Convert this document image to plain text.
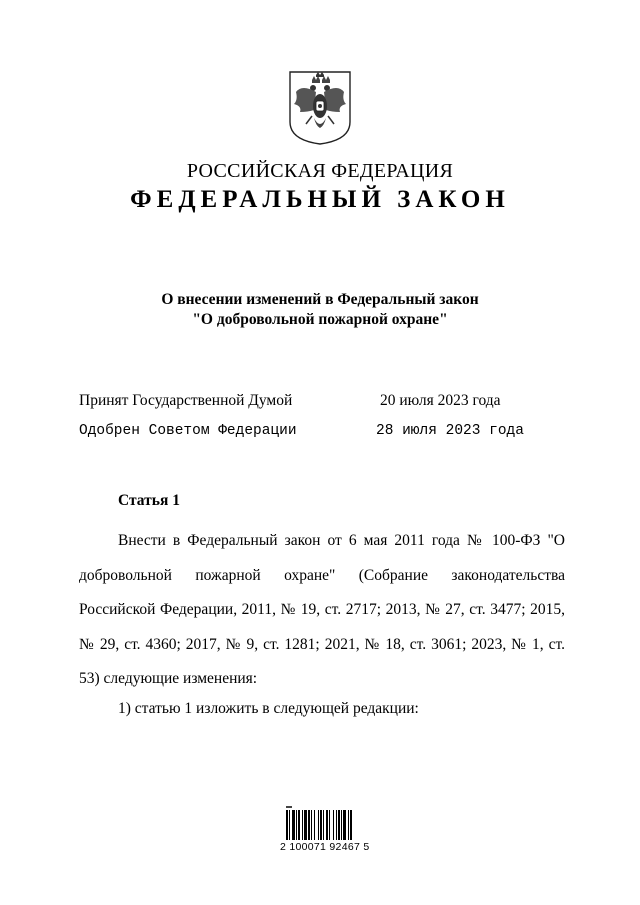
РОССИЙСКАЯ ФЕДЕРАЦИЯ
ФЕДЕРАЛЬНЫЙ ЗАКОН
О внесении изменений в Федеральный закон
"О добровольной пожарной охране"
Принят Государственной Думой	20 июля 2023 года
Одобрен Советом Федерации	28 июля 2023 года
Статья 1
Внести в Федеральный закон от 6 мая 2011 года № 100-ФЗ "О добровольной пожарной охране" (Собрание законодательства Российской Федерации, 2011, № 19, ст. 2717; 2013, № 27, ст. 3477; 2015, № 29, ст. 4360; 2017, № 9, ст. 1281; 2021, № 18, ст. 3061; 2023, № 1, ст. 53) следующие изменения:
1) статью 1 изложить в следующей редакции:
2 100071 92467 5
